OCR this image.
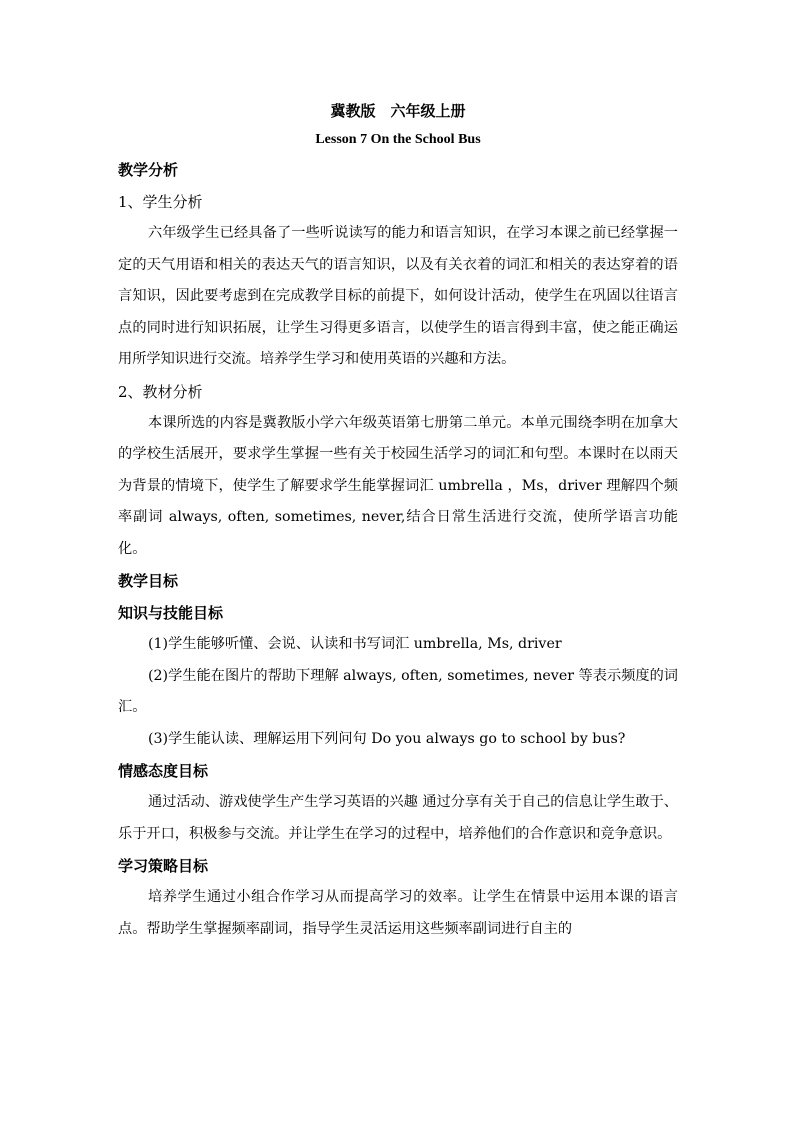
冀教版　六年级上册
Lesson 7 On the School Bus
教学分析
1、学生分析

六年级学生已经具备了一些听说读写的能力和语言知识，在学习本课之前已经掌握一定的天气用语和相关的表达天气的语言知识，以及有关衣着的词汇和相关的表达穿着的语言知识，因此要考虑到在完成教学目标的前提下，如何设计活动，使学生在巩固以往语言点的同时进行知识拓展，让学生习得更多语言，以使学生的语言得到丰富，使之能正确运用所学知识进行交流。培养学生学习和使用英语的兴趣和方法。

2、教材分析

本课所选的内容是冀教版小学六年级英语第七册第二单元。本单元围绕李明在加拿大的学校生活展开，要求学生掌握一些有关于校园生活学习的词汇和句型。本课时在以雨天为背景的情境下，使学生了解要求学生能掌握词汇 umbrella ，Ms，driver 理解四个频率副词 always, often, sometimes, never,结合日常生活进行交流，使所学语言功能化。

教学目标
知识与技能目标

(1)学生能够听懂、会说、认读和书写词汇 umbrella, Ms, driver

(2)学生能在图片的帮助下理解 always, often, sometimes, never 等表示频度的词汇。

(3)学生能认读、理解运用下列问句 Do you always go to school by bus?

情感态度目标

通过活动、游戏使学生产生学习英语的兴趣 通过分享有关于自己的信息让学生敢于、乐于开口，积极参与交流。并让学生在学习的过程中，培养他们的合作意识和竞争意识。

学习策略目标

培养学生通过小组合作学习从而提高学习的效率。让学生在情景中运用本课的语言点。帮助学生掌握频率副词，指导学生灵活运用这些频率副词进行自主的
